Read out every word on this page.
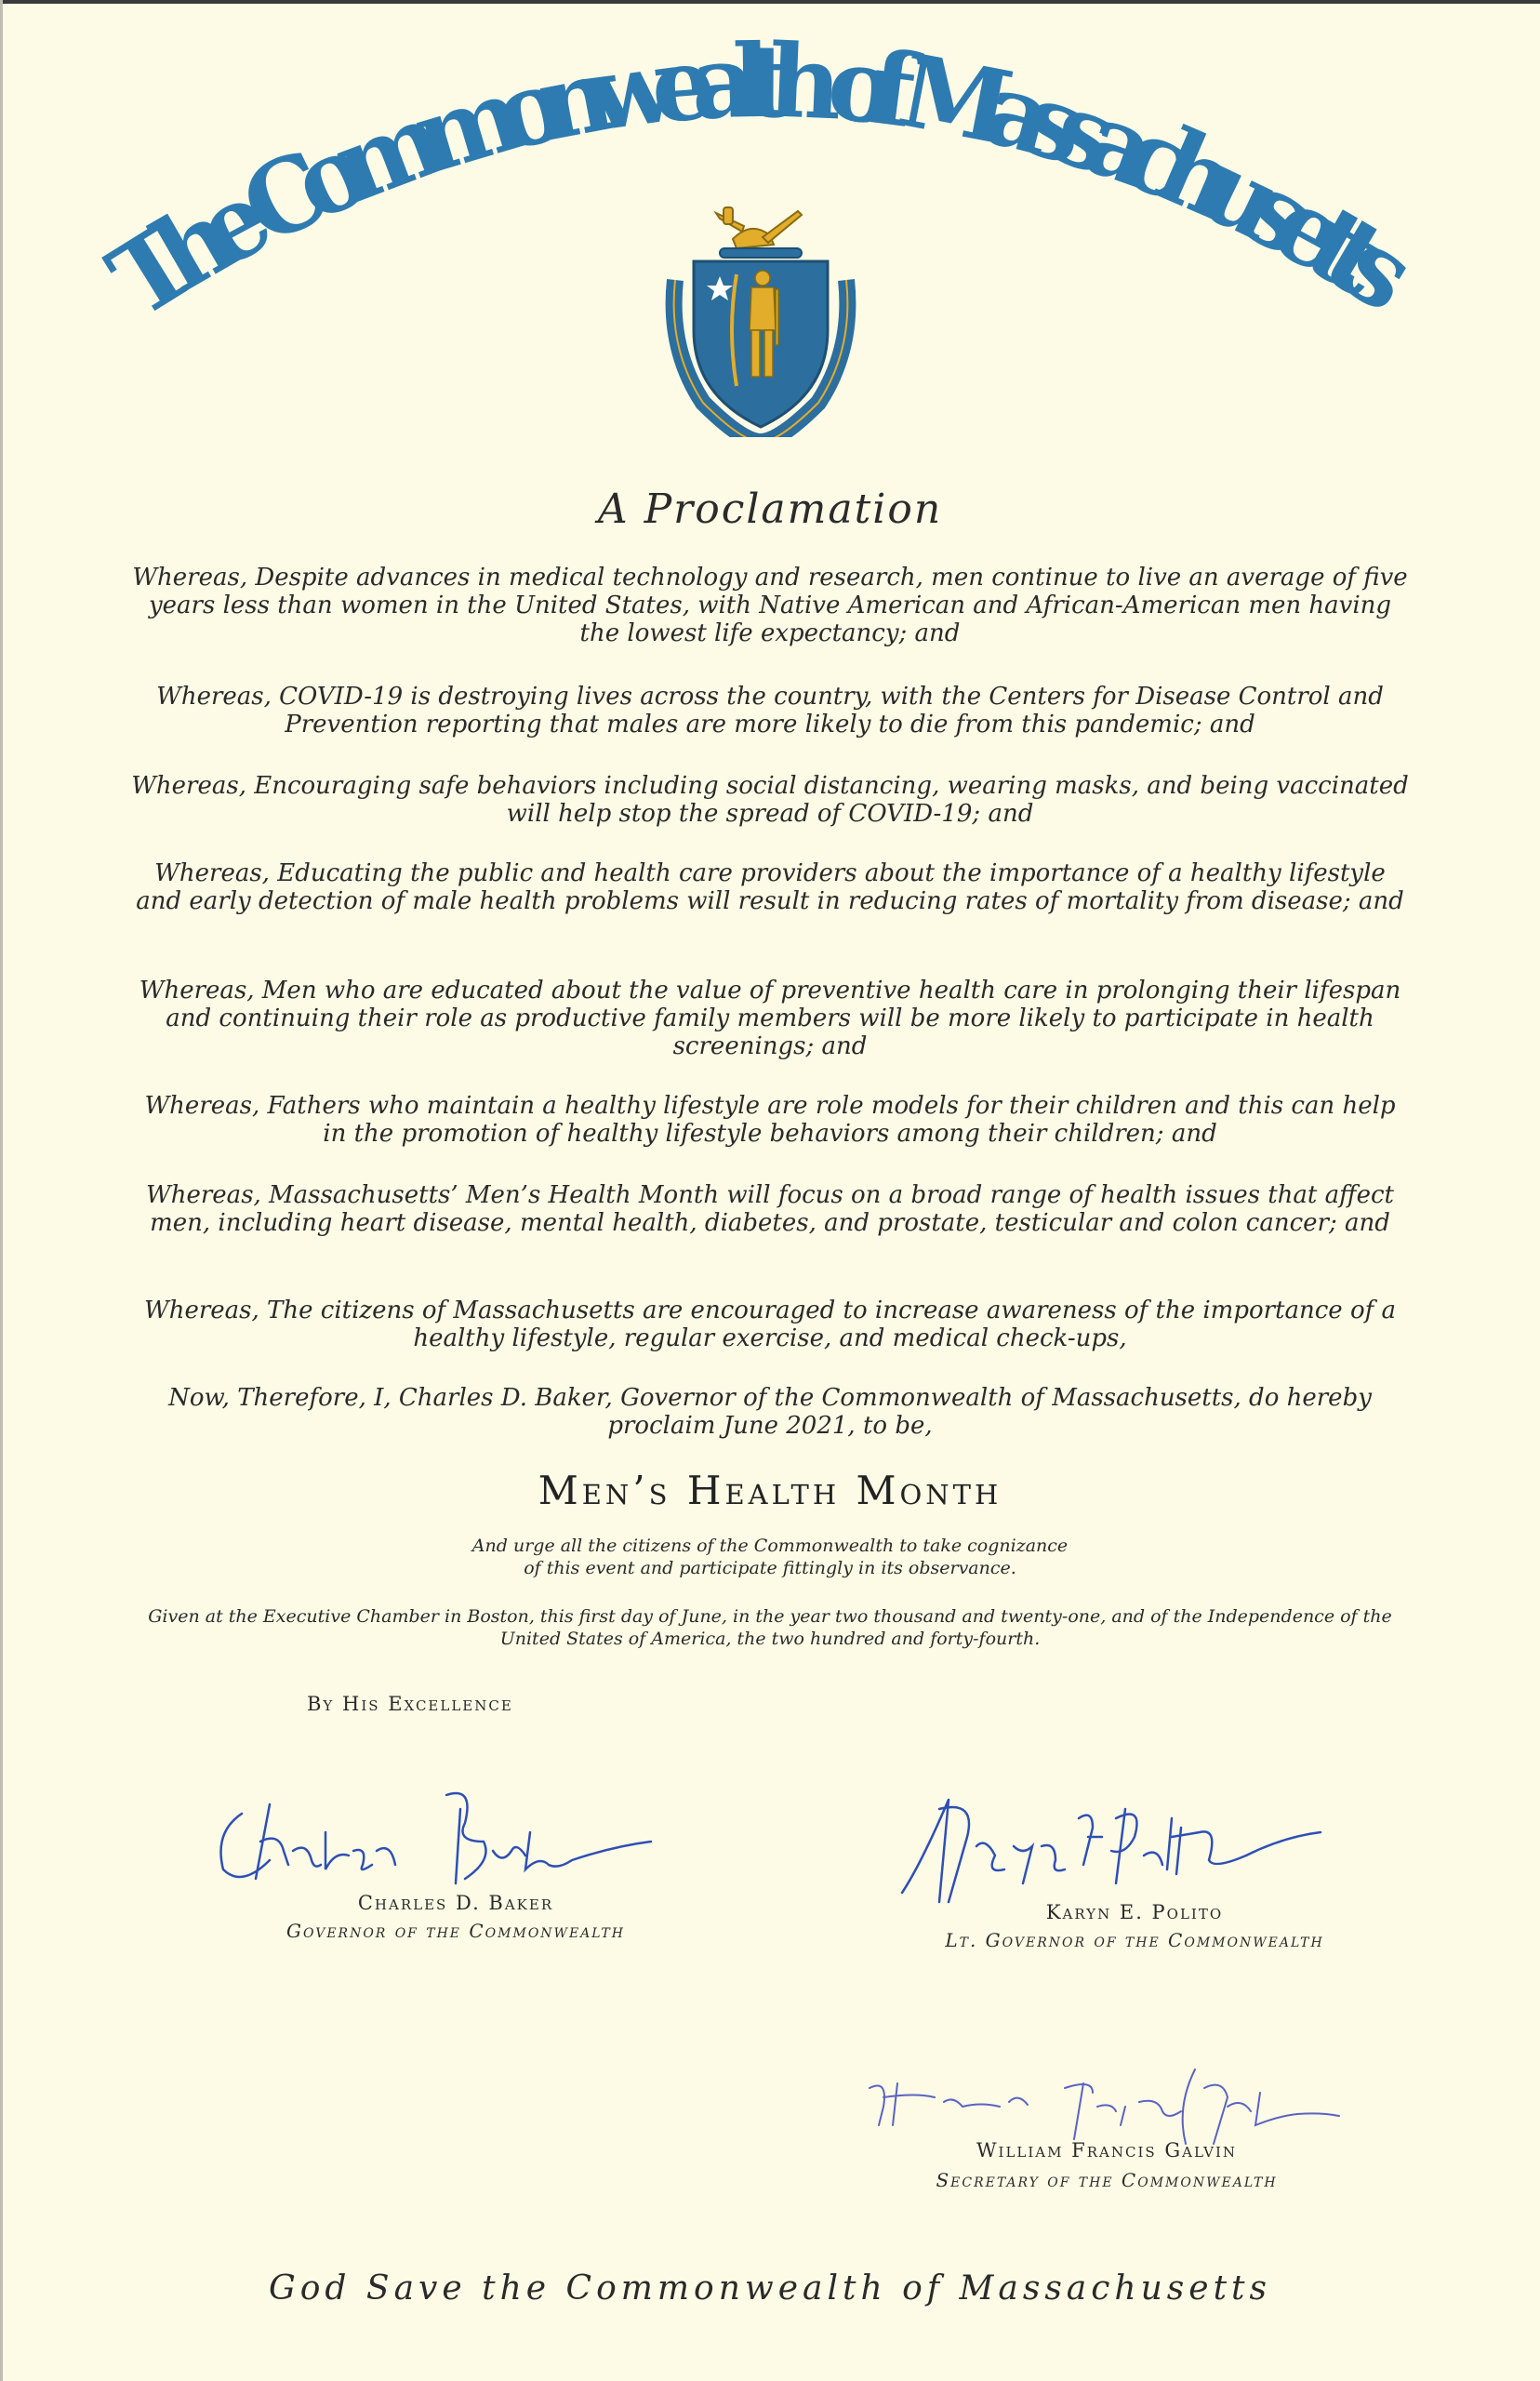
The Commonwealth of Massachusetts
A Proclamation

Whereas, Despite advances in medical technology and research, men continue to live an average of five years less than women in the United States, with Native American and African-American men having the lowest life expectancy; and

Whereas, COVID-19 is destroying lives across the country, with the Centers for Disease Control and Prevention reporting that males are more likely to die from this pandemic; and

Whereas, Encouraging safe behaviors including social distancing, wearing masks, and being vaccinated will help stop the spread of COVID-19; and

Whereas, Educating the public and health care providers about the importance of a healthy lifestyle and early detection of male health problems will result in reducing rates of mortality from disease; and

Whereas, Men who are educated about the value of preventive health care in prolonging their lifespan and continuing their role as productive family members will be more likely to participate in health screenings; and

Whereas, Fathers who maintain a healthy lifestyle are role models for their children and this can help in the promotion of healthy lifestyle behaviors among their children; and

Whereas, Massachusetts’ Men’s Health Month will focus on a broad range of health issues that affect men, including heart disease, mental health, diabetes, and prostate, testicular and colon cancer; and

Whereas, The citizens of Massachusetts are encouraged to increase awareness of the importance of a healthy lifestyle, regular exercise, and medical check-ups,

Now, Therefore, I, Charles D. Baker, Governor of the Commonwealth of Massachusetts, do hereby proclaim June 2021, to be,

Men’s Health Month

And urge all the citizens of the Commonwealth to take cognizance of this event and participate fittingly in its observance.

Given at the Executive Chamber in Boston, this first day of June, in the year two thousand and twenty-one, and of the Independence of the United States of America, the two hundred and forty-fourth.

By His Excellence
Charles D. Baker
Governor of the Commonwealth
Karyn E. Polito
Lt. Governor of the Commonwealth
William Francis Galvin
Secretary of the Commonwealth
God Save the Commonwealth of Massachusetts
